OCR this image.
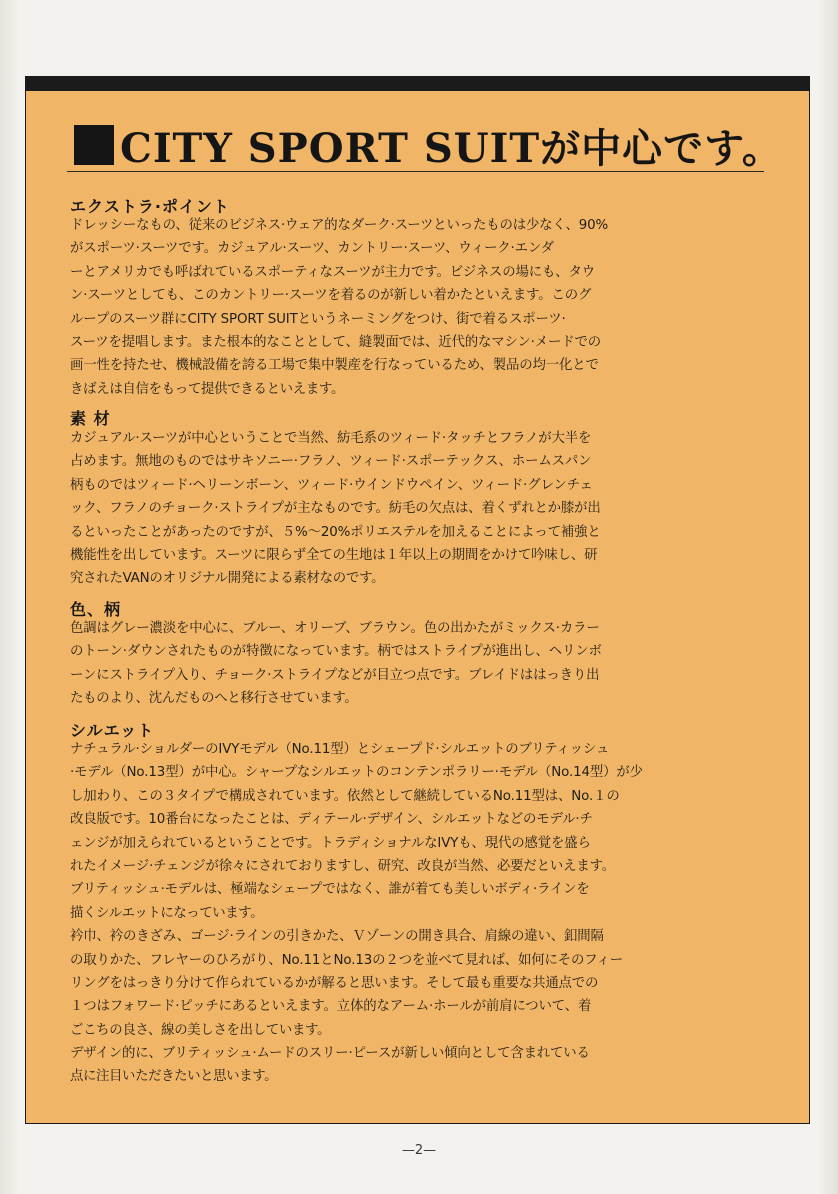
CITY SPORT SUITが中心です。
エクストラ·ポイント
ドレッシーなもの、従来のビジネス·ウェア的なダーク·スーツといったものは少なく、90%
がスポーツ·スーツです。カジュアル·スーツ、カントリー·スーツ、ウィーク·エンダ
ーとアメリカでも呼ばれているスポーティなスーツが主力です。ビジネスの場にも、タウ
ン·スーツとしても、このカントリー·スーツを着るのが新しい着かたといえます。このグ
ループのスーツ群にCITY SPORT SUITというネーミングをつけ、街で着るスポーツ·
スーツを提唱します。また根本的なこととして、縫製面では、近代的なマシン·メードでの
画一性を持たせ、機械設備を誇る工場で集中製産を行なっているため、製品の均一化とで
きばえは自信をもって提供できるといえます。
素 材
カジュアル·スーツが中心ということで当然、紡毛系のツィード·タッチとフラノが大半を
占めます。無地のものではサキソニー·フラノ、ツィード·スポーテックス、ホームスパン
柄ものではツィード·ヘリーンボーン、ツィード·ウインドウペイン、ツィード·グレンチェ
ック、フラノのチョーク·ストライプが主なものです。紡毛の欠点は、着くずれとか膝が出
るといったことがあったのですが、５%〜20%ポリエステルを加えることによって補強と
機能性を出しています。スーツに限らず全ての生地は１年以上の期間をかけて吟味し、研
究されたVANのオリジナル開発による素材なのです。
色、柄
色調はグレー濃淡を中心に、ブルー、オリーブ、ブラウン。色の出かたがミックス·カラー
のトーン·ダウンされたものが特徴になっています。柄ではストライプが進出し、ヘリンボ
ーンにストライプ入り、チョーク·ストライプなどが目立つ点です。ブレイドははっきり出
たものより、沈んだものへと移行させています。
シルエット
ナチュラル·ショルダーのIVYモデル（No.11型）とシェープド·シルエットのブリティッシュ
·モデル（No.13型）が中心。シャープなシルエットのコンテンポラリー·モデル（No.14型）が少
し加わり、この３タイプで構成されています。依然として継続しているNo.11型は、No.１の
改良版です。10番台になったことは、ディテール·デザイン、シルエットなどのモデル·チ
ェンジが加えられているということです。トラディショナルなIVYも、現代の感覚を盛ら
れたイメージ·チェンジが徐々にされておりますし、研究、改良が当然、必要だといえます。
ブリティッシュ·モデルは、極端なシェープではなく、誰が着ても美しいボディ·ラインを
描くシルエットになっています。
衿巾、衿のきざみ、ゴージ·ラインの引きかた、Ｖゾーンの開き具合、肩線の違い、釦間隔
の取りかた、フレヤーのひろがり、No.11とNo.13の２つを並べて見れば、如何にそのフィー
リングをはっきり分けて作られているかが解ると思います。そして最も重要な共通点での
１つはフォワード·ピッチにあるといえます。立体的なアーム·ホールが前肩について、着
ごこちの良さ、線の美しさを出しています。
デザイン的に、ブリティッシュ·ムードのスリー·ピースが新しい傾向として含まれている
点に注目いただきたいと思います。
—2—
